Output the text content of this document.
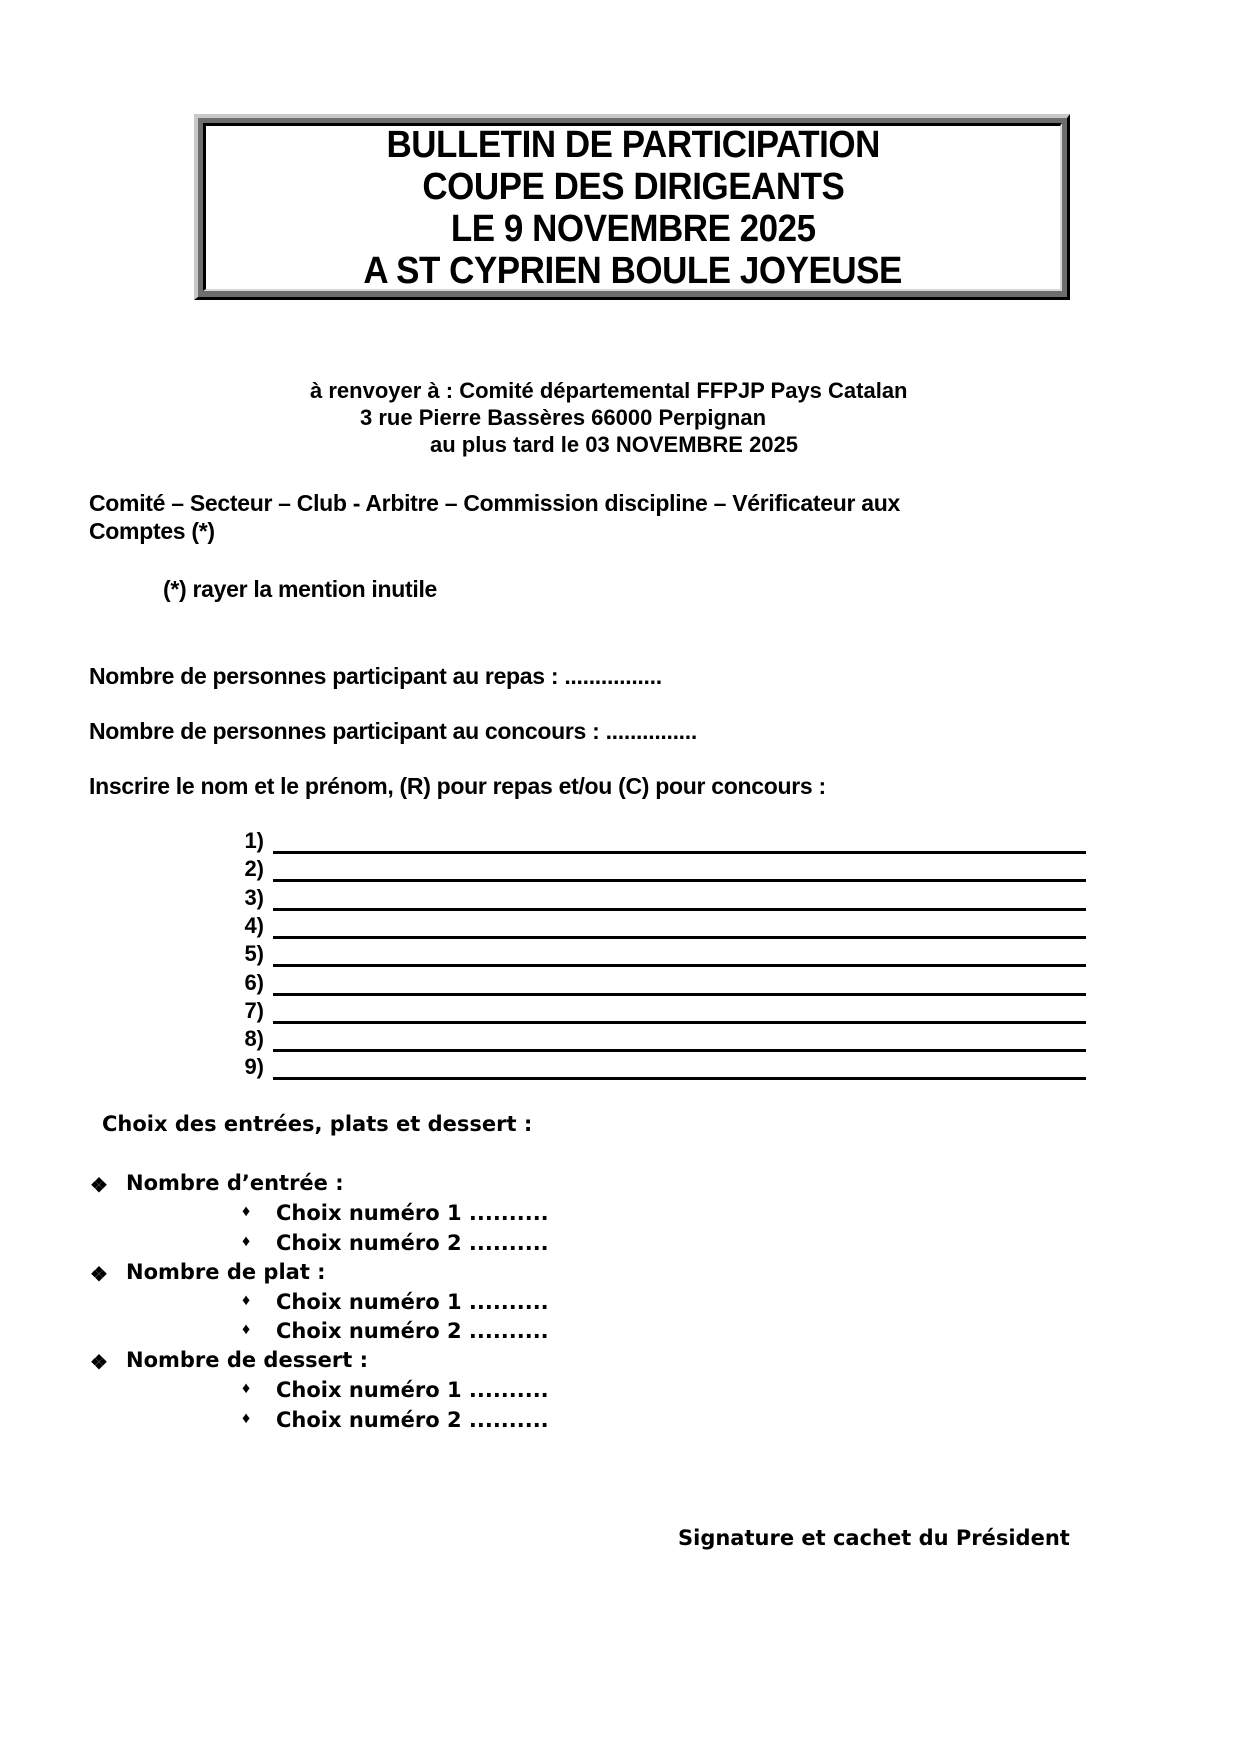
BULLETIN DE PARTICIPATION
COUPE DES DIRIGEANTS
LE 9 NOVEMBRE 2025
A ST CYPRIEN BOULE JOYEUSE
à renvoyer à : Comité départemental FFPJP Pays Catalan
3 rue Pierre Bassères 66000 Perpignan
au plus tard le 03 NOVEMBRE 2025
Comité – Secteur – Club - Arbitre – Commission discipline – Vérificateur aux
Comptes (*)
(*) rayer la mention inutile
Nombre de personnes participant au repas : ................
Nombre de personnes participant au concours : ...............
Inscrire le nom et le prénom, (R) pour repas et/ou (C) pour concours :
1)
2)
3)
4)
5)
6)
7)
8)
9)
Choix des entrées, plats et dessert :
❖ Nombre d’entrée :
♦ Choix numéro 1 ..........
♦ Choix numéro 2 ..........
❖ Nombre de plat :
♦ Choix numéro 1 ..........
♦ Choix numéro 2 ..........
❖ Nombre de dessert :
♦ Choix numéro 1 ..........
♦ Choix numéro 2 ..........
Signature et cachet du Président
